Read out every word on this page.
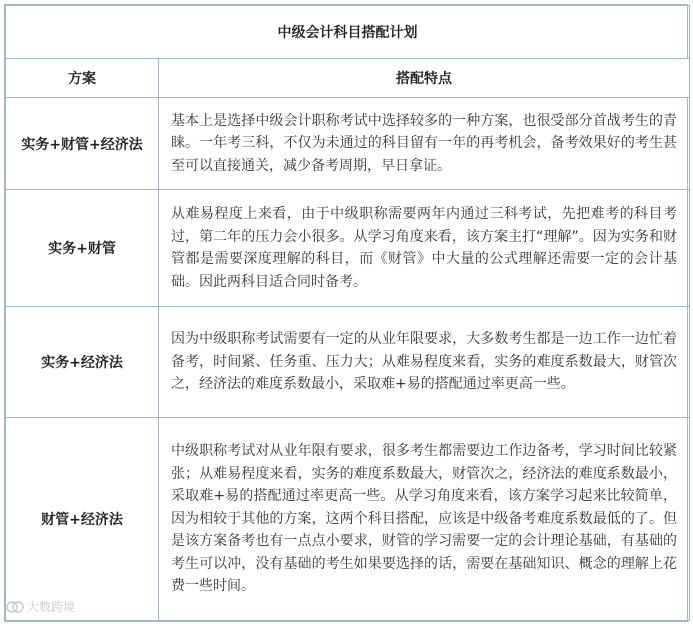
中级会计科目搭配计划	
方案	搭配特点
实务+财管+经济法	基本上是选择中级会计职称考试中选择较多的一种方案，也很受部分首战考生的青睐。一年考三科，不仅为未通过的科目留有一年的再考机会，备考效果好的考生甚至可以直接通关，减少备考周期，早日拿证。
实务+财管	从难易程度上来看，由于中级职称需要两年内通过三科考试，先把难考的科目考过，第二年的压力会小很多。从学习角度来看，该方案主打“理解”。因为实务和财管都是需要深度理解的科目，而《财管》中大量的公式理解还需要一定的会计基础。因此两科目适合同时备考。
实务+经济法	因为中级职称考试需要有一定的从业年限要求，大多数考生都是一边工作一边忙着备考，时间紧、任务重、压力大；从难易程度来看，实务的难度系数最大，财管次之，经济法的难度系数最小，采取难+易的搭配通过率更高一些。
财管+经济法	中级职称考试对从业年限有要求，很多考生都需要边工作边备考，学习时间比较紧张；从难易程度来看，实务的难度系数最大，财管次之，经济法的难度系数最小，采取难+易的搭配通过率更高一些。从学习角度来看，该方案学习起来比较简单，因为相较于其他的方案，这两个科目搭配，应该是中级备考难度系数最低的了。但是该方案备考也有一点点小要求，财管的学习需要一定的会计理论基础，有基础的考生可以冲，没有基础的考生如果要选择的话，需要在基础知识、概念的理解上花费一些时间。
大数跨境
